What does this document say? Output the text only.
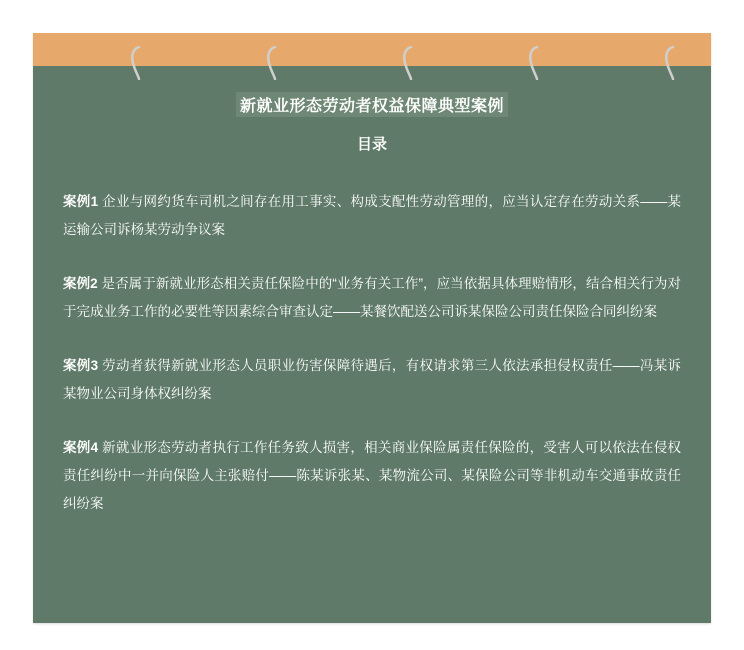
新就业形态劳动者权益保障典型案例
目录
案例1 企业与网约货车司机之间存在用工事实、构成支配性劳动管理的，应当认定存在劳动关系——某运输公司诉杨某劳动争议案
案例2 是否属于新就业形态相关责任保险中的“业务有关工作”，应当依据具体理赔情形，结合相关行为对于完成业务工作的必要性等因素综合审查认定——某餐饮配送公司诉某保险公司责任保险合同纠纷案
案例3 劳动者获得新就业形态人员职业伤害保障待遇后，有权请求第三人依法承担侵权责任——冯某诉某物业公司身体权纠纷案
案例4 新就业形态劳动者执行工作任务致人损害，相关商业保险属责任保险的，受害人可以依法在侵权责任纠纷中一并向保险人主张赔付——陈某诉张某、某物流公司、某保险公司等非机动车交通事故责任纠纷案
